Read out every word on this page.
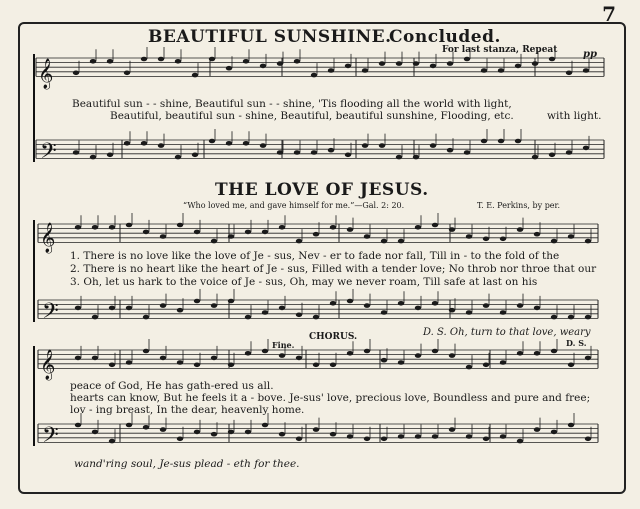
𝄞
𝄢
𝄞
𝄢
𝄞
𝄢
7
BEAUTIFUL SUNSHINE.
Concluded.
For last stanza, Repeat	pp
Beautiful sun - - shine, Beautiful sun - - shine, 'Tis flooding all the world with light,
Beautiful, beautiful sun - shine, Beautiful, beautiful sunshine, Flooding, etc.	with light.
THE LOVE OF JESUS.
“Who loved me, and gave himself for me.”—Gal. 2: 20.	T. E. Perkins, by per.
1. There is no love like the love of Je - sus, Nev - er to fade nor fall, Till in - to the fold of the
2. There is no heart like the heart of Je - sus, Filled with a tender love; No throb nor throe that our
3. Oh, let us hark to the voice of Je - sus, Oh, may we never roam, Till safe at last on his
Fine.
CHORUS.	D. S. Oh, turn to that love, weary
D. S.
peace of God, He has gath-ered us all.
hearts can know, But he feels it a - bove. Je-sus' love, precious love, Boundless and pure and free;
lov - ing breast, In the dear, heavenly home.
wand'ring soul, Je-sus plead - eth for thee.
